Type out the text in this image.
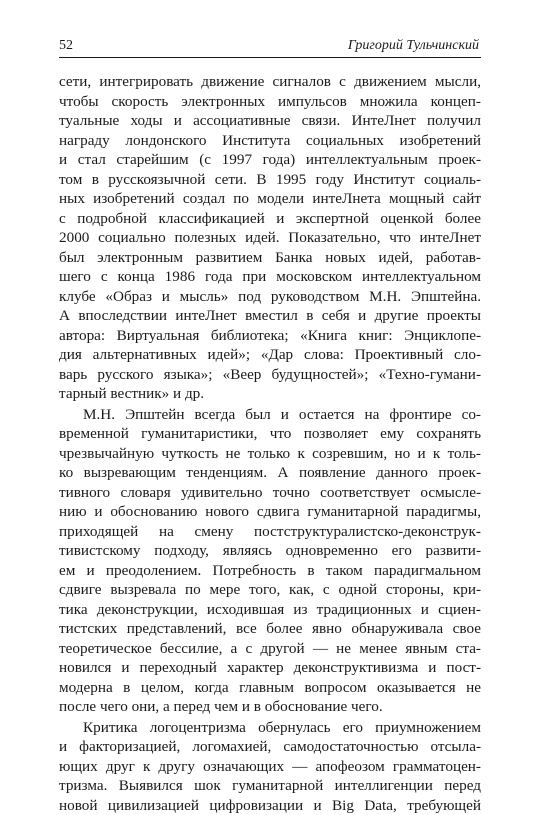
52	Григорий Тульчинский
сети, интегрировать движение сигналов с движением мысли,
чтобы скорость электронных импульсов множила концеп-
туальные ходы и ассоциативные связи. ИнтеЛнет получил
награду лондонского Института социальных изобретений
и стал старейшим (с 1997 года) интеллектуальным проек-
том в русскоязычной сети. В 1995 году Институт социаль-
ных изобретений создал по модели интеЛнета мощный сайт
с подробной классификацией и экспертной оценкой более
2000 социально полезных идей. Показательно, что интеЛнет
был электронным развитием Банка новых идей, работав-
шего с конца 1986 года при московском интеллектуальном
клубе «Образ и мысль» под руководством М.Н. Эпштейна.
А впоследствии интеЛнет вместил в себя и другие проекты
автора: Виртуальная библиотека; «Книга книг: Энциклопе-
дия альтернативных идей»; «Дар слова: Проективный сло-
варь русского языка»; «Веер будущностей»; «Техно-гумани-
тарный вестник» и др.
М.Н. Эпштейн всегда был и остается на фронтире со-
временной гуманитаристики, что позволяет ему сохранять
чрезвычайную чуткость не только к созревшим, но и к толь-
ко вызревающим тенденциям. А появление данного проек-
тивного словаря удивительно точно соответствует осмысле-
нию и обоснованию нового сдвига гуманитарной парадигмы,
приходящей на смену постструктуралистско-деконструк-
тивистскому подходу, являясь одновременно его развити-
ем и преодолением. Потребность в таком парадигмальном
сдвиге вызревала по мере того, как, с одной стороны, кри-
тика деконструкции, исходившая из традиционных и сциен-
тистских представлений, все более явно обнаруживала свое
теоретическое бессилие, а с другой — не менее явным ста-
новился и переходный характер деконструктивизма и пост-
модерна в целом, когда главным вопросом оказывается не
после чего они, а перед чем и в обоснование чего.
Критика логоцентризма обернулась его приумножением
и факторизацией, логомахией, самодостаточностью отсыла-
ющих друг к другу означающих — апофеозом грамматоцен-
тризма. Выявился шок гуманитарной интеллигенции перед
новой цивилизацией цифровизации и Big Data, требующей
